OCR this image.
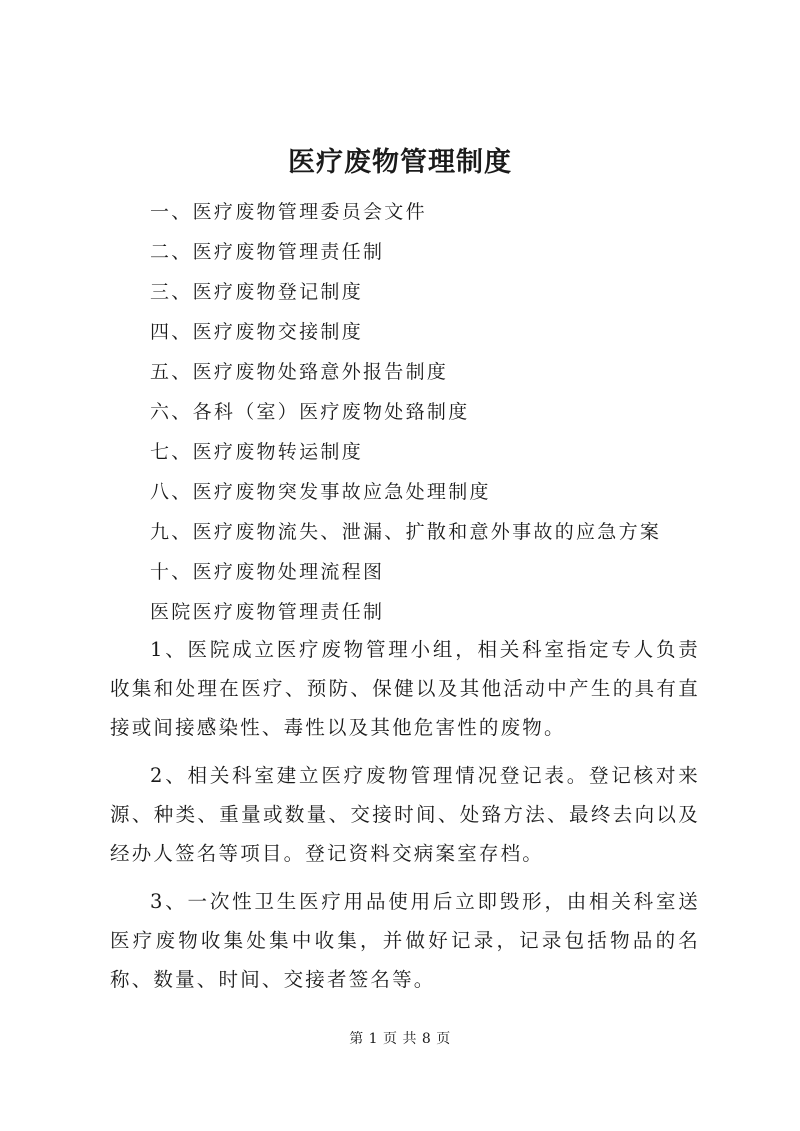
医疗废物管理制度
一、医疗废物管理委员会文件
二、医疗废物管理责任制
三、医疗废物登记制度
四、医疗废物交接制度
五、医疗废物处臵意外报告制度
六、各科（室）医疗废物处臵制度
七、医疗废物转运制度
八、医疗废物突发事故应急处理制度
九、医疗废物流失、泄漏、扩散和意外事故的应急方案
十、医疗废物处理流程图
医院医疗废物管理责任制

1、医院成立医疗废物管理小组，相关科室指定专人负责收集和处理在医疗、预防、保健以及其他活动中产生的具有直接或间接感染性、毒性以及其他危害性的废物。

2、相关科室建立医疗废物管理情况登记表。登记核对来源、种类、重量或数量、交接时间、处臵方法、最终去向以及经办人签名等项目。登记资料交病案室存档。

3、一次性卫生医疗用品使用后立即毁形，由相关科室送医疗废物收集处集中收集，并做好记录，记录包括物品的名称、数量、时间、交接者签名等。

第 1 页 共 8 页
